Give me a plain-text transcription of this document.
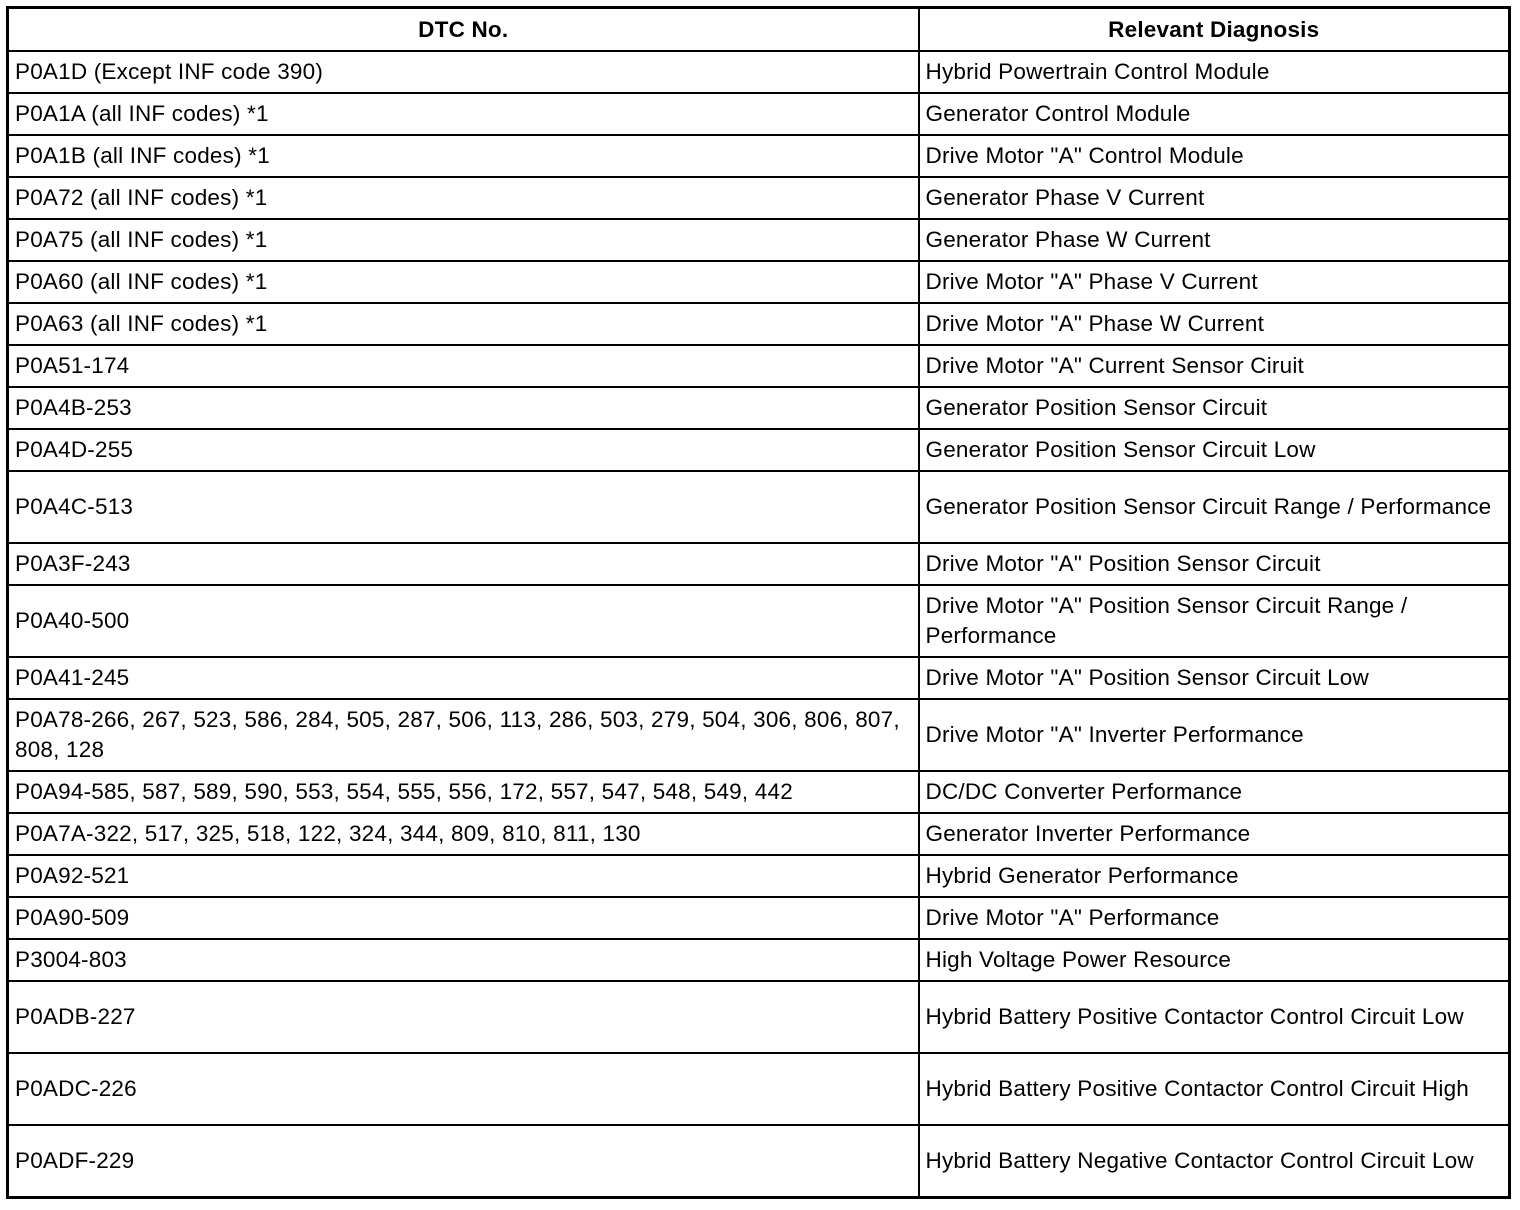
DTC No.	Relevant Diagnosis
P0A1D (Except INF code 390)	Hybrid Powertrain Control Module
P0A1A (all INF codes) *1	Generator Control Module
P0A1B (all INF codes) *1	Drive Motor "A" Control Module
P0A72 (all INF codes) *1	Generator Phase V Current
P0A75 (all INF codes) *1	Generator Phase W Current
P0A60 (all INF codes) *1	Drive Motor "A" Phase V Current
P0A63 (all INF codes) *1	Drive Motor "A" Phase W Current
P0A51-174	Drive Motor "A" Current Sensor Ciruit
P0A4B-253	Generator Position Sensor Circuit
P0A4D-255	Generator Position Sensor Circuit Low
P0A4C-513	Generator Position Sensor Circuit Range / Performance
P0A3F-243	Drive Motor "A" Position Sensor Circuit
P0A40-500	Drive Motor "A" Position Sensor Circuit Range / Performance
P0A41-245	Drive Motor "A" Position Sensor Circuit Low
P0A78-266, 267, 523, 586, 284, 505, 287, 506, 113, 286, 503, 279, 504, 306, 806, 807, 808, 128	Drive Motor "A" Inverter Performance
P0A94-585, 587, 589, 590, 553, 554, 555, 556, 172, 557, 547, 548, 549, 442	DC/DC Converter Performance
P0A7A-322, 517, 325, 518, 122, 324, 344, 809, 810, 811, 130	Generator Inverter Performance
P0A92-521	Hybrid Generator Performance
P0A90-509	Drive Motor "A" Performance
P3004-803	High Voltage Power Resource
P0ADB-227	Hybrid Battery Positive Contactor Control Circuit Low
P0ADC-226	Hybrid Battery Positive Contactor Control Circuit High
P0ADF-229	Hybrid Battery Negative Contactor Control Circuit Low
